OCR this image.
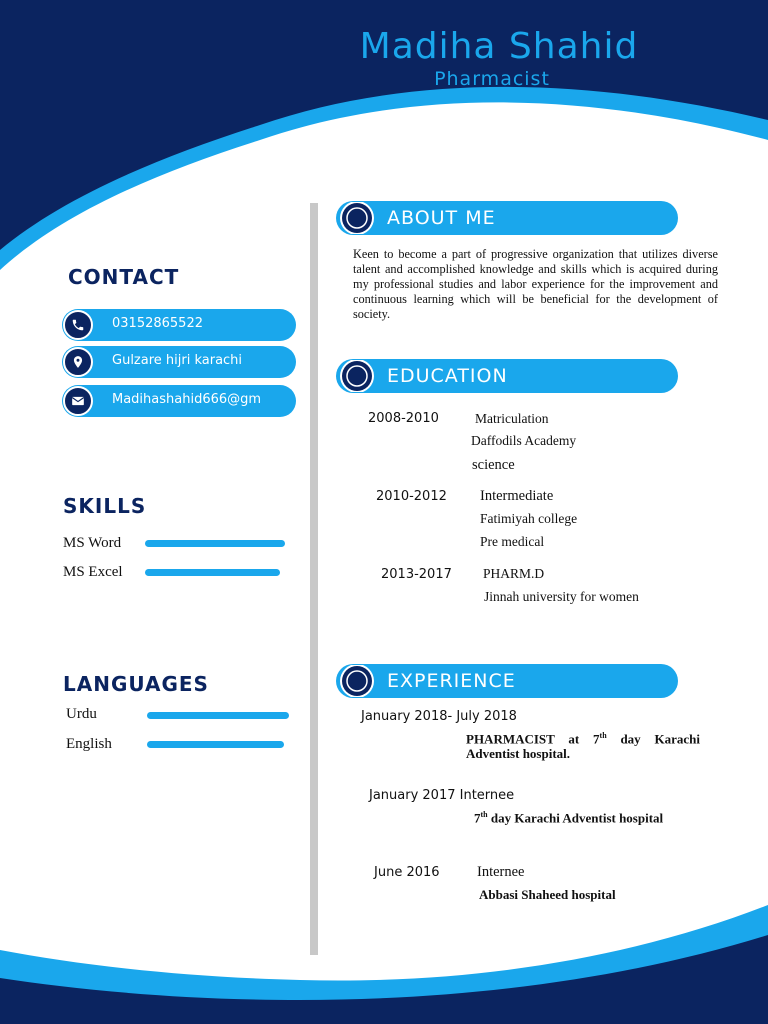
Madiha Shahid
Pharmacist
CONTACT
03152865522
Gulzare hijri karachi
Madihashahid666@gm
SKILLS
MS Word
MS Excel
LANGUAGES
Urdu
English
ABOUT ME
Keen to become a part of progressive organization that utilizes diverse talent and accomplished knowledge and skills which is acquired during my professional studies and labor experience for the improvement and continuous learning which will be beneficial for the development of society.
EDUCATION
2008-2010	Matriculation
Daffodils Academy
science
2010-2012 Intermediate
Fatimiyah college
Pre medical
2013-2017 PHARM.D
Jinnah university for women
EXPERIENCE
January 2018- July 2018
PHARMACIST at 7th day Karachi
Adventist hospital.
January 2017 Internee
7th day Karachi Adventist hospital
June 2016	Internee
Abbasi Shaheed hospital
